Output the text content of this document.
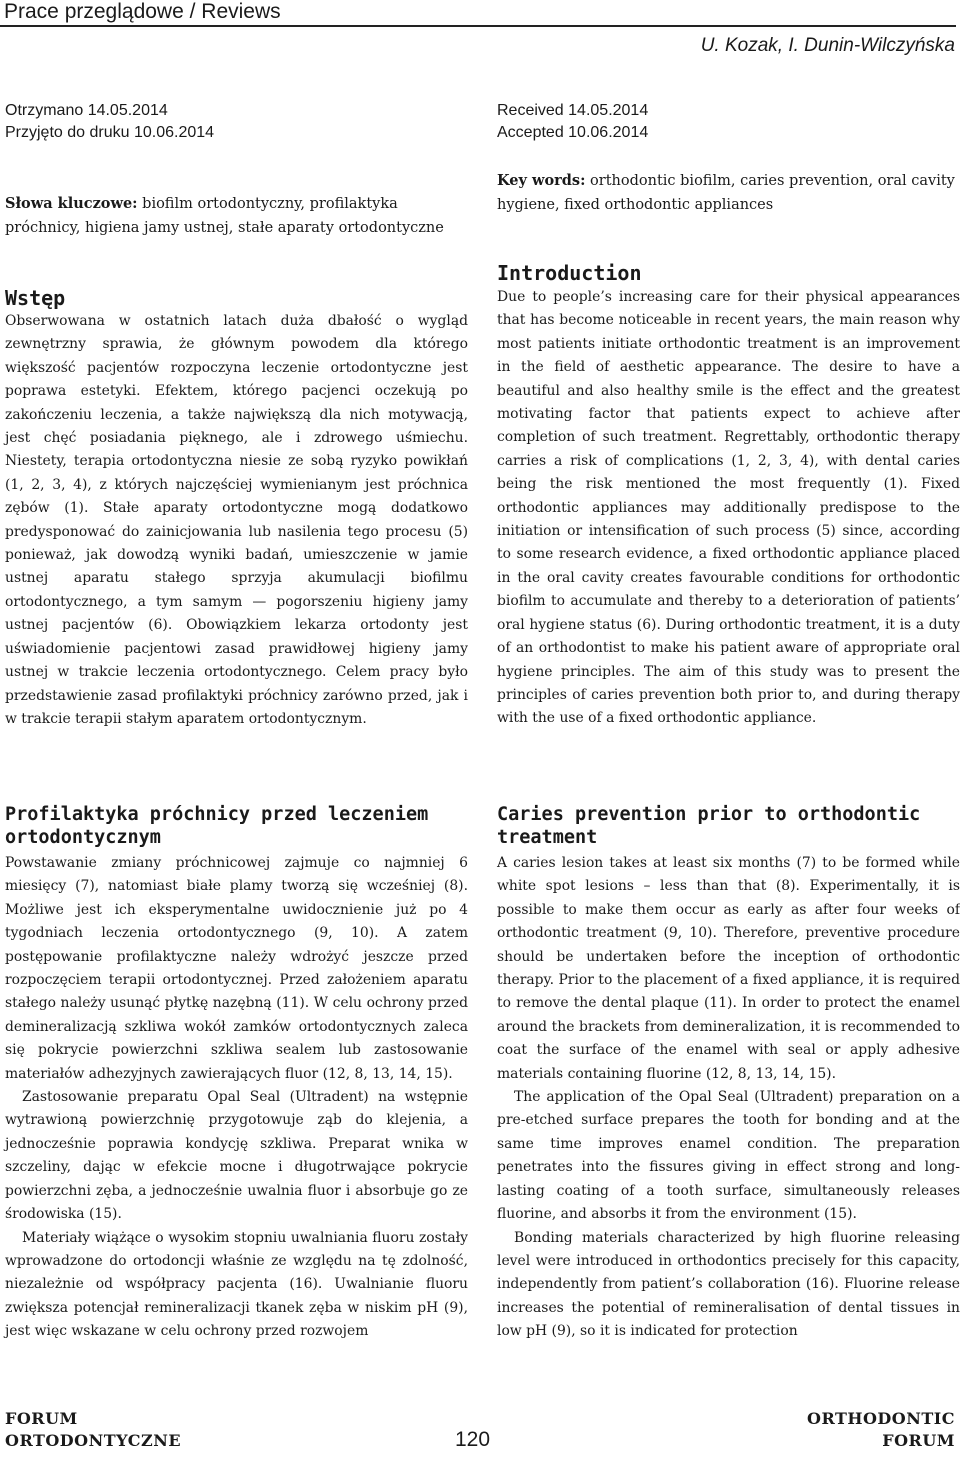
Prace przeglądowe / Reviews
U. Kozak, I. Dunin-Wilczyńska
Otrzymano 14.05.2014
Przyjęto do druku 10.06.2014
Received 14.05.2014
Accepted 10.06.2014
Słowa kluczowe: biofilm ortodontyczny, profilaktyka próchnicy, higiena jamy ustnej, stałe aparaty ortodontyczne
Key words: orthodontic biofilm, caries prevention, oral cavity hygiene, fixed orthodontic appliances
Wstęp
Obserwowana w ostatnich latach duża dbałość o wygląd zewnętrzny sprawia, że głównym powodem dla którego większość pacjentów rozpoczyna leczenie ortodontyczne jest poprawa estetyki. Efektem, którego pacjenci oczekują po zakończeniu leczenia, a także największą dla nich motywacją, jest chęć posiadania pięknego, ale i zdrowego uśmiechu. Niestety, terapia ortodontyczna niesie ze sobą ryzyko powikłań (1, 2, 3, 4), z których najczęściej wymienianym jest próchnica zębów (1). Stałe aparaty ortodontyczne mogą dodatkowo predysponować do zainicjowania lub nasilenia tego procesu (5) ponieważ, jak dowodzą wyniki badań, umieszczenie w jamie ustnej aparatu stałego sprzyja akumulacji biofilmu ortodontycznego, a tym samym — pogorszeniu higieny jamy ustnej pacjentów (6). Obowiązkiem lekarza ortodonty jest uświadomienie pacjentowi zasad prawidłowej higieny jamy ustnej w trakcie leczenia ortodontycznego. Celem pracy było przedstawienie zasad profilaktyki próchnicy zarówno przed, jak i w trakcie terapii stałym aparatem ortodontycznym.
Introduction
Due to people’s increasing care for their physical appearances that has become noticeable in recent years, the main reason why most patients initiate orthodontic treatment is an improvement in the field of aesthetic appearance. The desire to have a beautiful and also healthy smile is the effect and the greatest motivating factor that patients expect to achieve after completion of such treatment. Regrettably, orthodontic therapy carries a risk of complications (1, 2, 3, 4), with dental caries being the risk mentioned the most frequently (1). Fixed orthodontic appliances may additionally predispose to the initiation or intensification of such process (5) since, according to some research evidence, a fixed orthodontic appliance placed in the oral cavity creates favourable conditions for orthodontic biofilm to accumulate and thereby to a deterioration of patients’ oral hygiene status (6). During orthodontic treatment, it is a duty of an orthodontist to make his patient aware of appropriate oral hygiene principles. The aim of this study was to present the principles of caries prevention both prior to, and during therapy with the use of a fixed orthodontic appliance.
Profilaktyka próchnicy przed leczeniem ortodontycznym

Powstawanie zmiany próchnicowej zajmuje co najmniej 6 miesięcy (7), natomiast białe plamy tworzą się wcześniej (8). Możliwe jest ich eksperymentalne uwidocznienie już po 4 tygodniach leczenia ortodontycznego (9, 10). A zatem postępowanie profilaktyczne należy wdrożyć jeszcze przed rozpoczęciem terapii ortodontycznej. Przed założeniem aparatu stałego należy usunąć płytkę nazębną (11). W celu ochrony przed demineralizacją szkliwa wokół zamków ortodontycznych zaleca się pokrycie powierzchni szkliwa sealem lub zastosowanie materiałów adhezyjnych zawierających fluor (12, 8, 13, 14, 15).

Zastosowanie preparatu Opal Seal (Ultradent) na wstępnie wytrawioną powierzchnię przygotowuje ząb do klejenia, a jednocześnie poprawia kondycję szkliwa. Preparat wnika w szczeliny, dając w efekcie mocne i długotrwające pokrycie powierzchni zęba, a jednocześnie uwalnia fluor i absorbuje go ze środowiska (15).

Materiały wiążące o wysokim stopniu uwalniania fluoru zostały wprowadzone do ortodoncji właśnie ze względu na tę zdolność, niezależnie od współpracy pacjenta (16). Uwalnianie fluoru zwiększa potencjał remineralizacji tkanek zęba w niskim pH (9), jest więc wskazane w celu ochrony przed rozwojem

Caries prevention prior to orthodontic treatment

A caries lesion takes at least six months (7) to be formed while white spot lesions – less than that (8). Experimentally, it is possible to make them occur as early as after four weeks of orthodontic treatment (9, 10). Therefore, preventive procedure should be undertaken before the inception of orthodontic therapy. Prior to the placement of a fixed appliance, it is required to remove the dental plaque (11). In order to protect the enamel around the brackets from demineralization, it is recommended to coat the surface of the enamel with seal or apply adhesive materials containing fluorine (12, 8, 13, 14, 15).

The application of the Opal Seal (Ultradent) preparation on a pre-etched surface prepares the tooth for bonding and at the same time improves enamel condition. The preparation penetrates into the fissures giving in effect strong and long-lasting coating of a tooth surface, simultaneously releases fluorine, and absorbs it from the environment (15).

Bonding materials characterized by high fluorine releasing level were introduced in orthodontics precisely for this capacity, independently from patient’s collaboration (16). Fluorine release increases the potential of remineralisation of dental tissues in low pH (9), so it is indicated for protection

FORUM
ORTODONTYCZNE	120
ORTHODONTIC
FORUM
